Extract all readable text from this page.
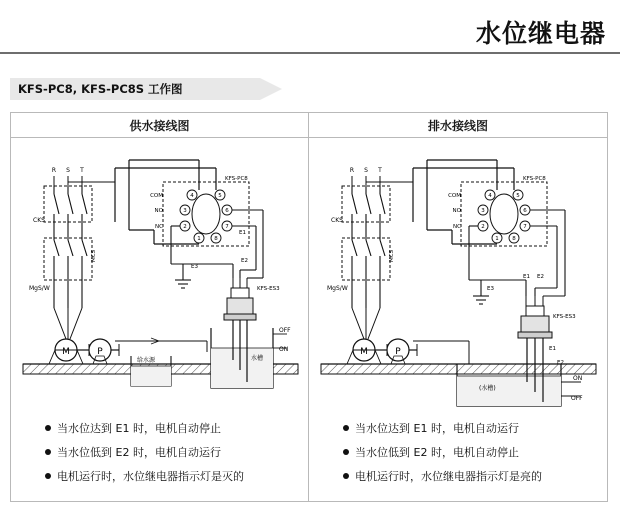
水位继电器
KFS-PC8, KFS-PC8S 工作图
供水接线图
水槽
给水源
M	P
KFS-ES3
OFF
ON
R S T
CKS
MCS
MgS/W
KFS-PC8
4	5
3	6
2	7
1 8
COM
NO
NC
E1
E2
E3
当水位达到 E1 时，电机自动停止
当水位低到 E2 时，电机自动运行
电机运行时，水位继电器指示灯是灭的
排水接线图
(水槽)
M	P
KFS-ES3
ON
OFF
E1
E2
R S T
CKS
MCS
MgS/W
KFS-PC8
4	5
3	6
2	7
1 8
COM
NO
NC
E1 E2
E3
当水位达到 E1 时，电机自动运行
当水位低到 E2 时，电机自动停止
电机运行时，水位继电器指示灯是亮的
